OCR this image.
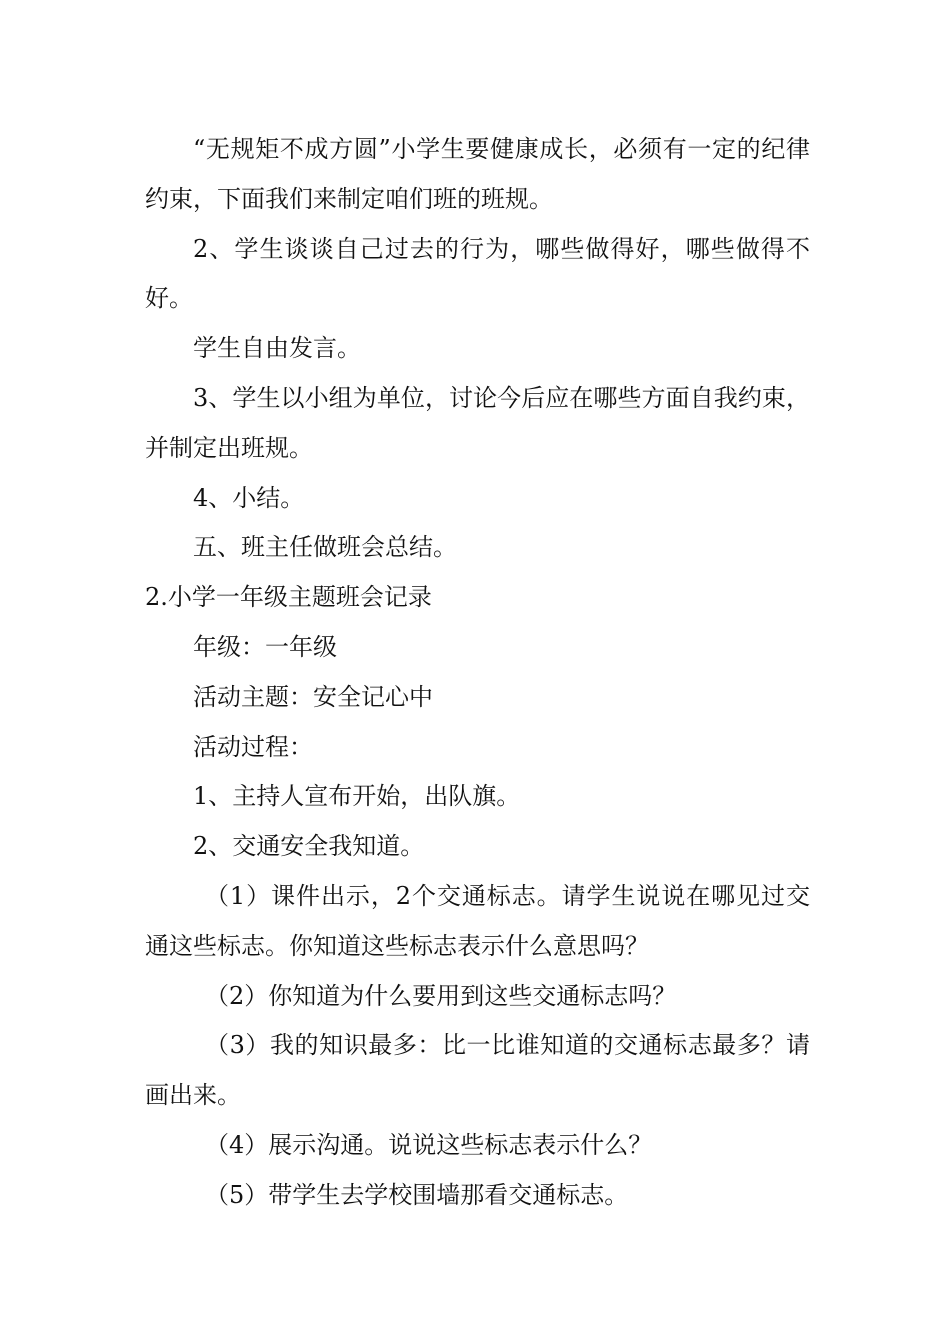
“无规矩不成方圆”小学生要健康成长，必须有一定的纪律约束，下面我们来制定咱们班的班规。

2、学生谈谈自己过去的行为，哪些做得好，哪些做得不好。

学生自由发言。

3、学生以小组为单位，讨论今后应在哪些方面自我约束，并制定出班规。

4、小结。

五、班主任做班会总结。

2.小学一年级主题班会记录

年级：一年级

活动主题：安全记心中

活动过程：

1、主持人宣布开始，出队旗。

2、交通安全我知道。

（1）课件出示，2个交通标志。请学生说说在哪见过交通这些标志。你知道这些标志表示什么意思吗？

（2）你知道为什么要用到这些交通标志吗？

（3）我的知识最多：比一比谁知道的交通标志最多？请画出来。

（4）展示沟通。说说这些标志表示什么？

（5）带学生去学校围墙那看交通标志。
